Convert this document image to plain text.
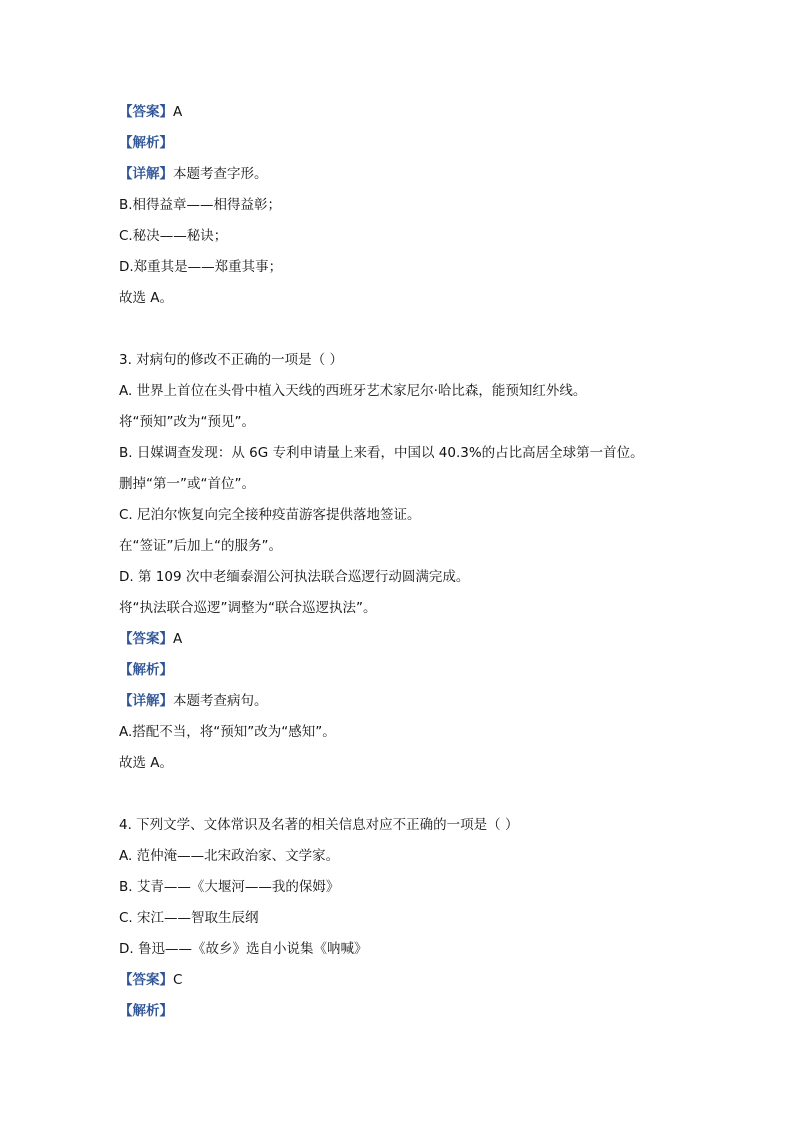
【答案】A
【解析】
【详解】本题考查字形。
B.相得益章——相得益彰；
C.秘决——秘诀；
D.郑重其是——郑重其事；
故选 A。
3. 对病句的修改不正确的一项是（ ）
A. 世界上首位在头骨中植入天线的西班牙艺术家尼尔·哈比森，能预知红外线。
将“预知”改为“预见”。
B. 日媒调查发现：从 6G 专利申请量上来看，中国以 40.3%的占比高居全球第一首位。
删掉“第一”或“首位”。
C. 尼泊尔恢复向完全接种疫苗游客提供落地签证。
在“签证”后加上“的服务”。
D. 第 109 次中老缅泰湄公河执法联合巡逻行动圆满完成。
将“执法联合巡逻”调整为“联合巡逻执法”。
【答案】A
【解析】
【详解】本题考查病句。
A.搭配不当，将“预知”改为“感知”。
故选 A。
4. 下列文学、文体常识及名著的相关信息对应不正确的一项是（ ）
A. 范仲淹——北宋政治家、文学家。
B. 艾青——《大堰河——我的保姆》
C. 宋江——智取生辰纲
D. 鲁迅——《故乡》选自小说集《呐喊》
【答案】C
【解析】
